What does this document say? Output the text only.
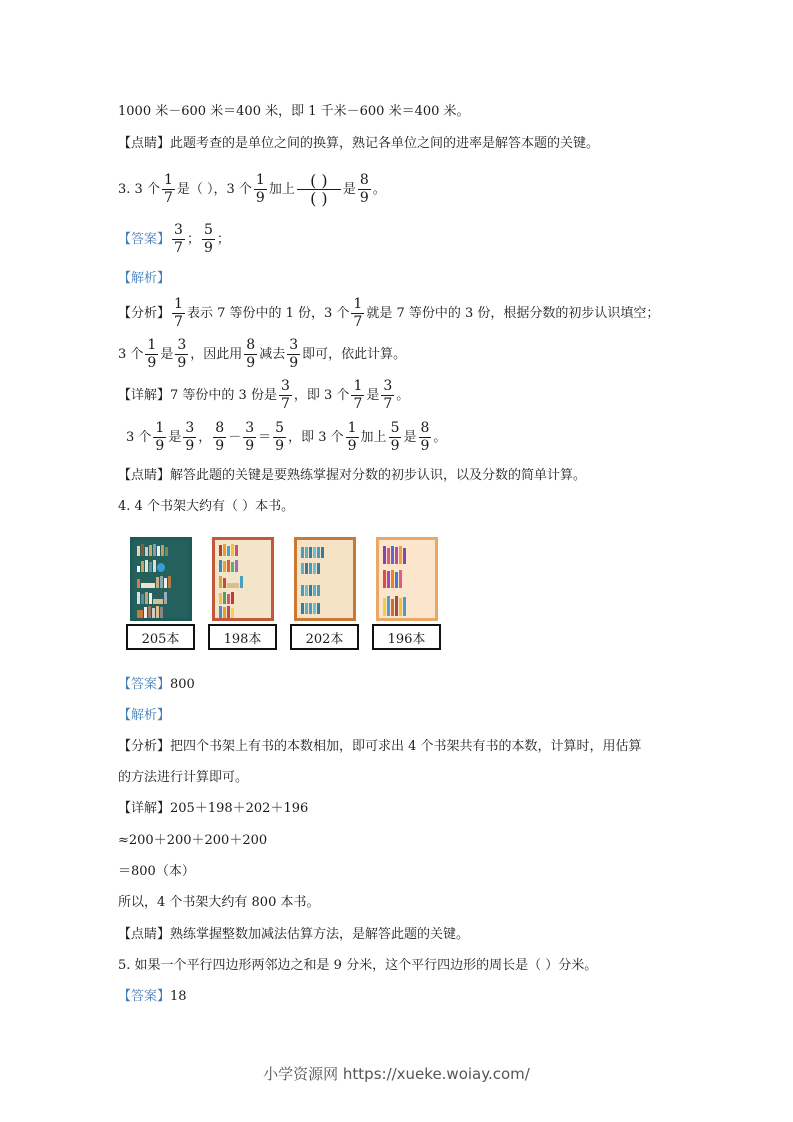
1000 米－600 米＝400 米，即 1 千米－600 米＝400 米。
【点睛】此题考查的是单位之间的换算，熟记各单位之间的进率是解答本题的关键。
3. 3 个 $\frac{1}{7}$ 是（ ），3 个 $\frac{1}{9}$ 加上 $\frac{( )}{( )}$ 是 $\frac{8}{9}$ 。
【答案】 $\frac{3}{7}$ ； $\frac{5}{9}$ ；
【解析】
【分析】 $\frac{1}{7}$ 表示 7 等份中的 1 份，3 个 $\frac{1}{7}$ 就是 7 等份中的 3 份，根据分数的初步认识填空；
3 个 $\frac{1}{9}$ 是 $\frac{3}{9}$ ，因此用 $\frac{8}{9}$ 减去 $\frac{3}{9}$ 即可，依此计算。
【详解】7 等份中的 3 份是 $\frac{3}{7}$ ，即 3 个 $\frac{1}{7}$ 是 $\frac{3}{7}$ 。
3 个 $\frac{1}{9}$ 是 $\frac{3}{9}$ ， $\frac{8}{9} - \frac{3}{9} = \frac{5}{9}$ ，即 3 个 $\frac{1}{9}$ 加上 $\frac{5}{9}$ 是 $\frac{8}{9}$ 。
【点睛】解答此题的关键是要熟练掌握对分数的初步认识，以及分数的简单计算。
4. 4 个书架大约有（ ）本书。
205本	198本	202本	196本
【答案】800
【解析】
【分析】把四个书架上有书的本数相加，即可求出 4 个书架共有书的本数，计算时，用估算
的方法进行计算即可。
【详解】205＋198＋202＋196
≈200＋200＋200＋200
＝800（本）
所以，4 个书架大约有 800 本书。
【点睛】熟练掌握整数加减法估算方法，是解答此题的关键。
5. 如果一个平行四边形两邻边之和是 9 分米，这个平行四边形的周长是（ ）分米。
【答案】18
小学资源网 https://xueke.woiay.com/
